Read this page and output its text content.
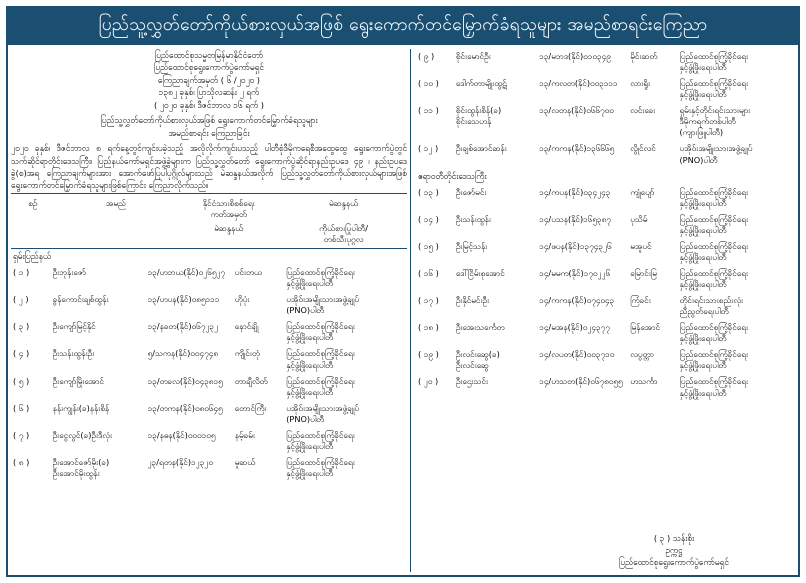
ပြည်သူ့လွှတ်တော်ကိုယ်စားလှယ်အဖြစ် ရွေးကောက်တင်မြှောက်ခံရသူများ အမည်စာရင်းကြေညာ
ပြည်ထောင်စုသမ္မတမြန်မာနိုင်ငံတော်
ပြည်ထောင်စုရွေးကောက်ပွဲကော်မရှင်
ကြေညာချက်အမှတ် ( ၆ /၂၀၂၀ )
၁၃၈၂ ခုနှစ်၊ ပြာသိုလဆန်း ၂ ရက်
( ၂၀၂၀ ခုနှစ်၊ ဒီဇင်ဘာလ ၁၆ ရက် )
ပြည်သူ့လွှတ်တော်ကိုယ်စားလှယ်အဖြစ် ရွေးကောက်တင်မြှောက်ခံရသူများ
အမည်စာရင်း ကြေညာခြင်း
၂၀၂၀ ခုနှစ်၊ ဒီဇင်ဘာလ ၈ ရက်နေ့တွင်ကျင်းပခဲ့သည့် အလိုလိုက်ကျင်းပသည့် ပါတီစုံဒီမိုကရေစီအထွေထွေ ရွေးကောက်ပွဲတွင် သက်ဆိုင်ရာတိုင်းဒေသကြီး၊ ပြည်နယ်ကော်မရှင်အဖွဲ့ခွဲများက ပြည်သူ့လွှတ်တော် ရွေးကောက်ပွဲဆိုင်ရာနည်းဥပဒေ ၄၉ ၊ နည်းဥပဒေခွဲ(စ)အရ ကြေညာချက်များအား အောက်ဖော်ပြပါပုဂ္ဂိုလ်များသည် မဲဆန္ဒနယ်အလိုက် ပြည်သူ့လွှတ်တော်ကိုယ်စားလှယ်များအဖြစ် ရွေးကောက်တင်မြှောက်ခံရသူများဖြစ်ကြောင်း ကြေညာလိုက်သည်။
စဉ်	အမည်	နိုင်ငံသားစိစစ်ရေး
ကတ်အမှတ်

မဲဆန္ဒနယ်
		မဲဆန္ဒနယ်	ကိုယ်စားပြုပါတီ/
တစ်သီးပုဂ္ဂလ
ရှမ်းပြည်နယ်
( ၁ )	ဦးဘုန်းဇော်	၁၃/ဟဘယ(နိုင်)၀၂၆၅၂၇	ပင်းတယ	ပြည်ထောင်စုကြံ့ခိုင်ရေး
နှင့်ဖွံ့ဖြိုးရေးပါတီ

( ၂ )	ခွန်ကောင်းချစ်ထွန်း	၁၃/ဟပန(နိုင်)၀၈၅၁၁၁	ဟိုပုံး	ပအိုဝ်းအမျိုးသားအဖွဲ့ချုပ်
(PNO)ပါတီ

( ၃ )	ဦးကျော်မြင့်နိုင်	၁၃/နခတ(နိုင်)၀၆၇၂၃၂	နောင်ချို	ပြည်ထောင်စုကြံ့ခိုင်ရေး
နှင့်ဖွံ့ဖြိုးရေးပါတီ

( ၄ )	ဦးသန်းထွန်းဦး	၅/သကန(နိုင်)၀၀၄၇၄၈	ကျိုင်းတုံ	ပြည်ထောင်စုကြံ့ခိုင်ရေး
နှင့်ဖွံ့ဖြိုးရေးပါတီ

( ၅ )	ဦးကျော်မြိုးအောင်	၁၃/တခလ(နိုင်)၀၄၃၈၁၅	တာချီလိတ်	ပြည်ထောင်စုကြံ့ခိုင်ရေး
နှင့်ဖွံ့ဖြိုးရေးပါတီ

( ၆ )	နန်းကျွန်း(ခ)နန်းစိန်	၁၃/တကန(နိုင်)၀၈၀၆၄၅	တောင်ကြီး	ပအိုဝ်းအမျိုးသားအဖွဲ့ချုပ်
(PNO)ပါတီ

( ၇ )	ဦးငွေလွင်(ခ)ဦးဒီလုံး	၁၃/နဓန(နိုင်)၀၀၀၁၀၅	နမ့်ခမ်း	ပြည်ထောင်စုကြံ့ခိုင်ရေး
နှင့်ဖွံ့ဖြိုးရေးပါတီ

( ၈ )	ဦးအောင်ဇော်မိုး(ခ)
ဦးအောင်မိုးထွန်း
	၂၃/ရတန(နိုင်)၁၂၃၂၀	မူဆယ်	ပြည်ထောင်စုကြံ့ခိုင်ရေး
နှင့်ဖွံ့ဖြိုးရေးပါတီ
( ၉ )	စိုင်းမောင်ဦး	၁၃/မဘဒ(နိုင်)၀၁၀၃၄၉	မိုင်းဆတ်	ပြည်ထောင်စုကြံ့ခိုင်ရေး
နှင့်ဖွံ့ဖြိုးရေးပါတီ

( ၁၀ )	ဒေါက်တာမျိုးထွဋ်	၁၃/ကလတ(နိုင်)၀၀၃၁၁၁	လားရှိုး	ပြည်ထောင်စုကြံ့ခိုင်ရေး
နှင့်ဖွံ့ဖြိုးရေးပါတီ

( ၁၁ )	စိုင်းထွန်းစိန်(ခ)
စိုင်းသေဟန်
	၁၃/လတန(နိုင်)၀၆၆၇၀၀	လင်းခေး	ရှမ်းနှင့်တိုင်းရင်းသားများ
ဒီမိုကရက်တစ်ပါတီ
(ကျားဖြူပါတီ)

( ၁၂ )	ဦးချစ်အောင်ဆန်း	၁၃/ကကန(နိုင်)၁၃၆၆၆၅	လွိုင်လင်	ပအိုဝ်းအမျိုးသားအဖွဲ့ချုပ်
(PNO)ပါတီ
ဧရာဝတီတိုင်းဒေသကြီး
( ၁၃ )	ဦးဇော်မင်း	၁၄/ကပန(နိုင်)၀၃၄၂၄၃	ကျုံပျော်	ပြည်ထောင်စုကြံ့ခိုင်ရေး
နှင့်ဖွံ့ဖြိုးရေးပါတီ

( ၁၄ )	ဦးသန်းထွန်း	၁၄/ပသန(နိုင်)၁၆၅၃၈၇	ပုသိမ်	ပြည်ထောင်စုကြံ့ခိုင်ရေး
နှင့်ဖွံ့ဖြိုးရေးပါတီ

( ၁၅ )	ဦးမြင့်သန်း	၁၄/ဖပန(နိုင်)၁၃၇၄၃၂၆	မအူပင်	ပြည်ထောင်စုကြံ့ခိုင်ရေး
နှင့်ဖွံ့ဖြိုးရေးပါတီ

( ၁၆ )	ဒေါ်ငြိမ်းစုအောင်	၁၄/မမက(နိုင်)၁၇၀၂၂၆	မြောင်းမြ	ပြည်ထောင်စုကြံ့ခိုင်ရေး
နှင့်ဖွံ့ဖြိုးရေးပါတီ

( ၁၇ )	ဦးနိုင်မင်းဦး	၁၄/ကကန(နိုင်)၀၇၄၀၄၃	ကြံခင်း	တိုင်းရင်းသားစည်းလုံး
ညီညွတ်ရေးပါတီ

( ၁၈ )	ဦးအေးသင်္ကေတ	၁၄/မအန(နိုင်)၀၂၄၃၇၇	မြန်အောင်	ပြည်ထောင်စုကြံ့ခိုင်ရေး
နှင့်ဖွံ့ဖြိုးရေးပါတီ

( ၁၉ )	ဦးလင်းဆွေ(ခ)
ဦးလင်းဆွေ
	၁၄/လပတ(နိုင်)၀၀၃၇၁၀	လပွတ္တာ	ပြည်ထောင်စုကြံ့ခိုင်ရေး
နှင့်ဖွံ့ဖြိုးရေးပါတီ

( ၂၀ )	ဦးဌေးသင်း	၁၄/ဟသတ(နိုင်)၀၆၇၈၀၅၅	ဟသင်္ကာ	ပြည်ထောင်စုကြံ့ခိုင်ရေး
နှင့်ဖွံ့ဖြိုးရေးပါတီ
( ၃ ) သန်းစိုး
ဥက္ကဋ္ဌ
ပြည်ထောင်စုရွေးကောက်ပွဲကော်မရှင်
